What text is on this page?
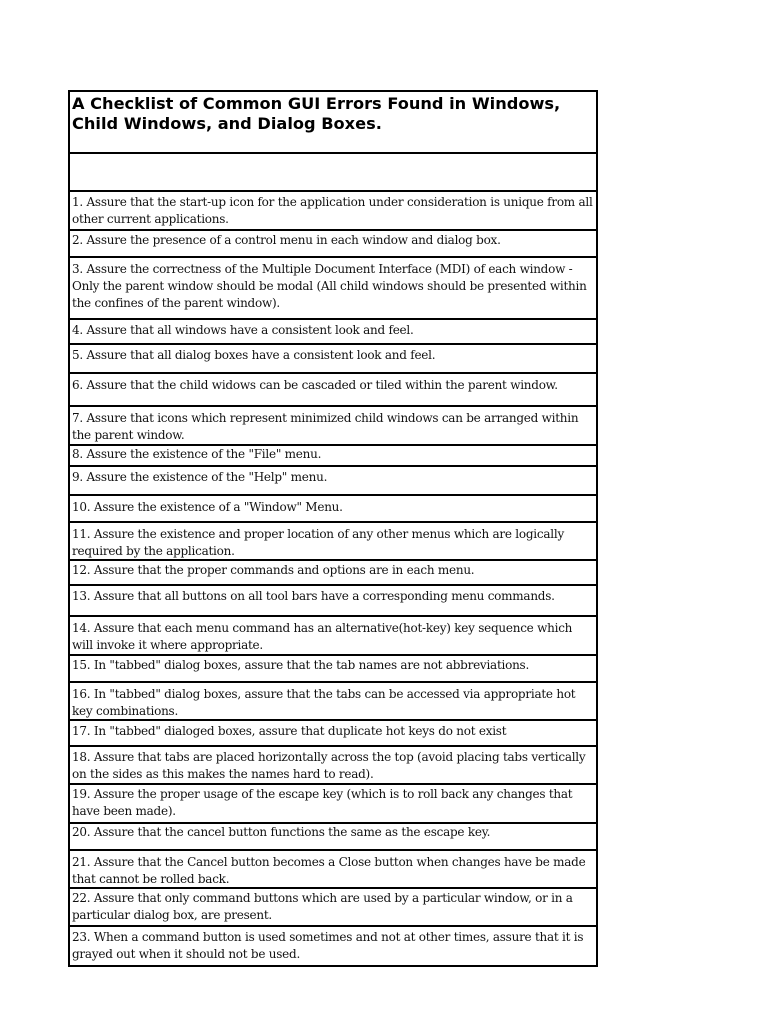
A Checklist of Common GUI Errors Found in Windows, Child Windows, and Dialog Boxes.
1. Assure that the start-up icon for the application under consideration is unique from all other current applications.
2. Assure the presence of a control menu in each window and dialog box.
3. Assure the correctness of the Multiple Document Interface (MDI) of each window - Only the parent window should be modal (All child windows should be presented within the confines of the parent window).
4. Assure that all windows have a consistent look and feel.
5. Assure that all dialog boxes have a consistent look and feel.
6. Assure that the child widows can be cascaded or tiled within the parent window.
7. Assure that icons which represent minimized child windows can be arranged within the parent window.
8. Assure the existence of the "File" menu.
9. Assure the existence of the "Help" menu.
10. Assure the existence of a "Window" Menu.
11. Assure the existence and proper location of any other menus which are logically required by the application.
12. Assure that the proper commands and options are in each menu.
13. Assure that all buttons on all tool bars have a corresponding menu commands.
14. Assure that each menu command has an alternative(hot-key) key sequence which will invoke it where appropriate.
15. In "tabbed" dialog boxes, assure that the tab names are not abbreviations.
16. In "tabbed" dialog boxes, assure that the tabs can be accessed via appropriate hot key combinations.
17. In "tabbed" dialoged boxes, assure that duplicate hot keys do not exist
18. Assure that tabs are placed horizontally across the top (avoid placing tabs vertically on the sides as this makes the names hard to read).
19. Assure the proper usage of the escape key (which is to roll back any changes that have been made).
20. Assure that the cancel button functions the same as the escape key.
21. Assure that the Cancel button becomes a Close button when changes have be made that cannot be rolled back.
22. Assure that only command buttons which are used by a particular window, or in a particular dialog box, are present.
23. When a command button is used sometimes and not at other times, assure that it is grayed out when it should not be used.
